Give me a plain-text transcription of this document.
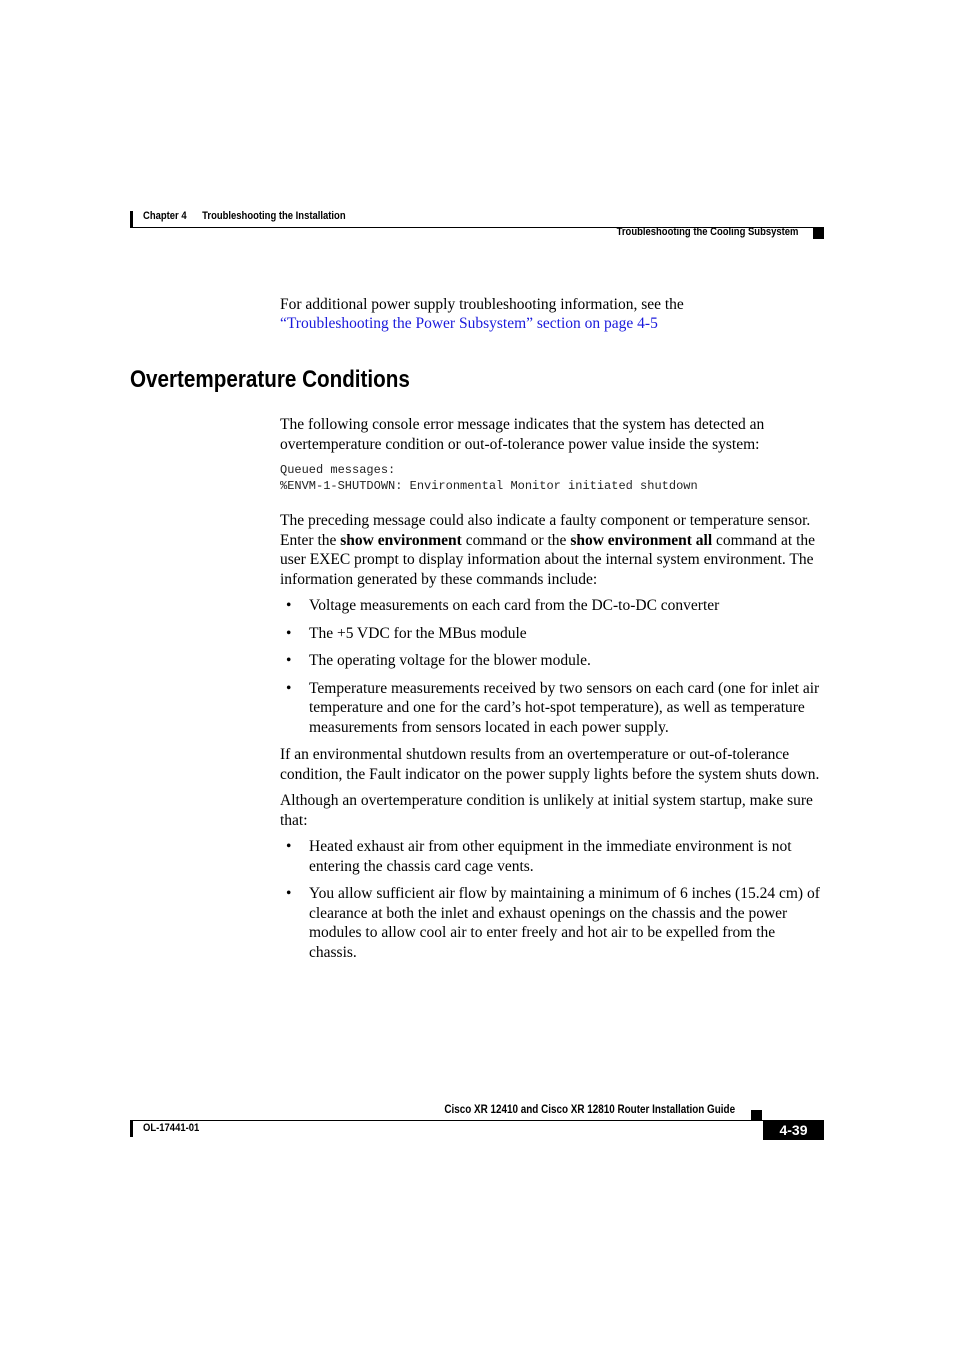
Chapter 4 Troubleshooting the Installation
Troubleshooting the Cooling Subsystem
For additional power supply troubleshooting information, see the
“Troubleshooting the Power Subsystem” section on page 4-5
Overtemperature Conditions

The following console error message indicates that the system has detected an overtemperature condition or out-of-tolerance power value inside the system:

Queued messages:
%ENVM-1-SHUTDOWN: Environmental Monitor initiated shutdown

The preceding message could also indicate a faulty component or temperature sensor. Enter the show environment command or the show environment all command at the user EXEC prompt to display information about the internal system environment. The information generated by these commands include:

• Voltage measurements on each card from the DC-to-DC converter
• The +5 VDC for the MBus module
• The operating voltage for the blower module.
• Temperature measurements received by two sensors on each card (one for inlet air temperature and one for the card’s hot-spot temperature), as well as temperature measurements from sensors located in each power supply.

If an environmental shutdown results from an overtemperature or out-of-tolerance condition, the Fault indicator on the power supply lights before the system shuts down.

Although an overtemperature condition is unlikely at initial system startup, make sure that:

• Heated exhaust air from other equipment in the immediate environment is not entering the chassis card cage vents.
• You allow sufficient air flow by maintaining a minimum of 6 inches (15.24 cm) of clearance at both the inlet and exhaust openings on the chassis and the power modules to allow cool air to enter freely and hot air to be expelled from the chassis.
Cisco XR 12410 and Cisco XR 12810 Router Installation Guide
OL-17441-01	4-39
